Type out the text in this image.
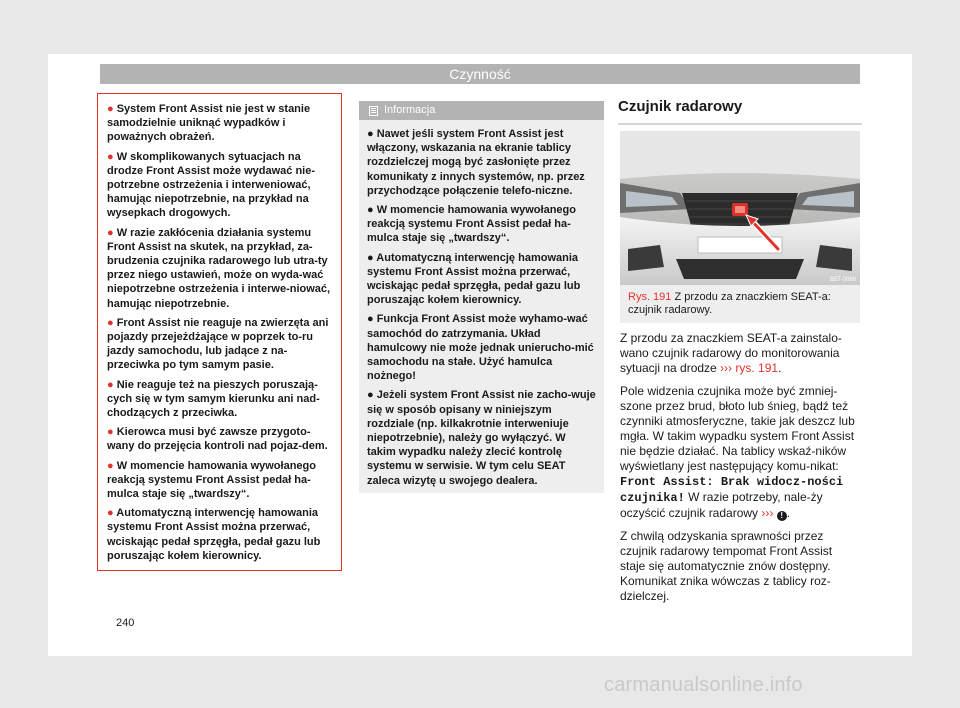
Czynność

● System Front Assist nie jest w stanie samodzielnie uniknąć wypadków i poważnych obrażeń.

● W skomplikowanych sytuacjach na drodze Front Assist może wydawać nie-potrzebne ostrzeżenia i interweniować, hamując niepotrzebnie, na przykład na wysepkach drogowych.

● W razie zakłócenia działania systemu Front Assist na skutek, na przykład, za-brudzenia czujnika radarowego lub utra-ty przez niego ustawień, może on wyda-wać niepotrzebne ostrzeżenia i interwe-niować, hamując niepotrzebnie.

● Front Assist nie reaguje na zwierzęta ani pojazdy przejeżdżające w poprzek to-ru jazdy samochodu, lub jadące z na-przeciwka po tym samym pasie.

● Nie reaguje też na pieszych poruszają-cych się w tym samym kierunku ani nad-chodzących z przeciwka.

● Kierowca musi być zawsze przygoto-wany do przejęcia kontroli nad pojaz-dem.

● W momencie hamowania wywołanego reakcją systemu Front Assist pedał ha-mulca staje się „twardszy“.

● Automatyczną interwencję hamowania systemu Front Assist można przerwać, wciskając pedał sprzęgła, pedał gazu lub poruszając kołem kierownicy.

Informacja

● Nawet jeśli system Front Assist jest włączony, wskazania na ekranie tablicy rozdzielczej mogą być zasłonięte przez komunikaty z innych systemów, np. przez przychodzące połączenie telefo-niczne.

● W momencie hamowania wywołanego reakcją systemu Front Assist pedał ha-mulca staje się „twardszy“.

● Automatyczną interwencję hamowania systemu Front Assist można przerwać, wciskając pedał sprzęgła, pedał gazu lub poruszając kołem kierownicy.

● Funkcja Front Assist może wyhamo-wać samochód do zatrzymania. Układ hamulcowy nie może jednak unierucho-mić samochodu na stałe. Użyć hamulca nożnego!

● Jeżeli system Front Assist nie zacho-wuje się w sposób opisany w niniejszym rozdziale (np. kilkakrotnie interweniuje niepotrzebnie), należy go wyłączyć. W takim wypadku należy zlecić kontrolę systemu w serwisie. W tym celu SEAT zaleca wizytę u swojego dealera.

Czujnik radarowy
B5T-0066
Rys. 191 Z przodu za znaczkiem SEAT-a: czujnik radarowy.

Z przodu za znaczkiem SEAT-a zainstalo-wano czujnik radarowy do monitorowania sytuacji na drodze ››› rys. 191.

Pole widzenia czujnika może być zmniej-szone przez brud, błoto lub śnieg, bądź też czynniki atmosferyczne, takie jak deszcz lub mgła. W takim wypadku system Front Assist nie będzie działać. Na tablicy wskaź-ników wyświetlany jest następujący komu-nikat: Front Assist: Brak widocz-ności czujnika! W razie potrzeby, nale-ży oczyścić czujnik radarowy ››› ! .

Z chwilą odzyskania sprawności przez czujnik radarowy tempomat Front Assist staje się automatycznie znów dostępny. Komunikat znika wówczas z tablicy roz-dzielczej.

240
carmanualsonline.info
